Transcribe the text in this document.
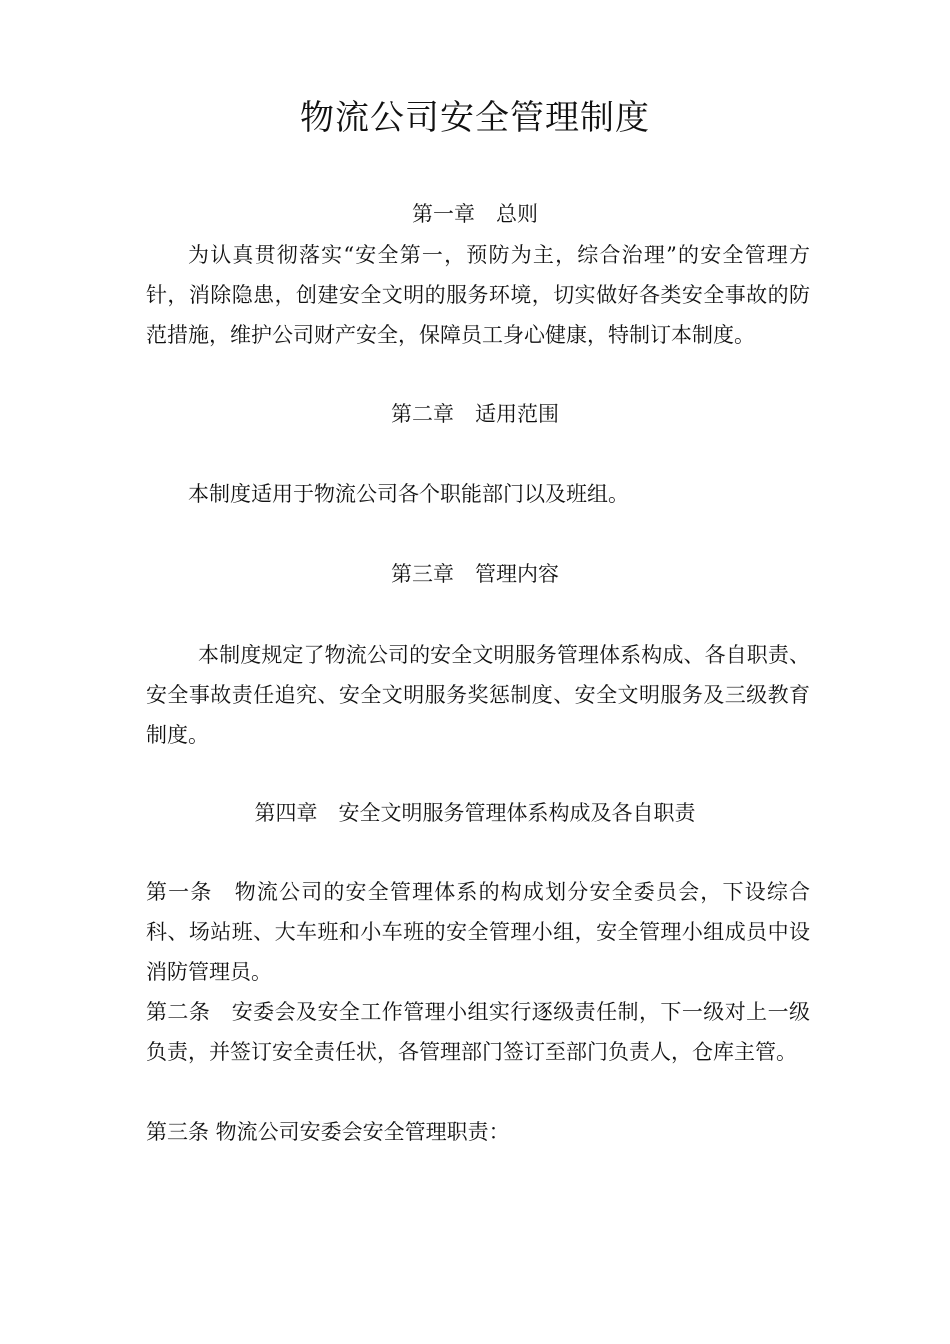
物流公司安全管理制度
第一章　总则

为认真贯彻落实“安全第一，预防为主，综合治理”的安全管理方针，消除隐患，创建安全文明的服务环境，切实做好各类安全事故的防范措施，维护公司财产安全，保障员工身心健康，特制订本制度。

第二章　适用范围

本制度适用于物流公司各个职能部门以及班组。

第三章　管理内容

本制度规定了物流公司的安全文明服务管理体系构成、各自职责、安全事故责任追究、安全文明服务奖惩制度、安全文明服务及三级教育制度。

第四章　安全文明服务管理体系构成及各自职责

第一条　物流公司的安全管理体系的构成划分安全委员会，下设综合科、场站班、大车班和小车班的安全管理小组，安全管理小组成员中设消防管理员。

第二条　安委会及安全工作管理小组实行逐级责任制，下一级对上一级负责，并签订安全责任状，各管理部门签订至部门负责人，仓库主管。

第三条 物流公司安委会安全管理职责：
